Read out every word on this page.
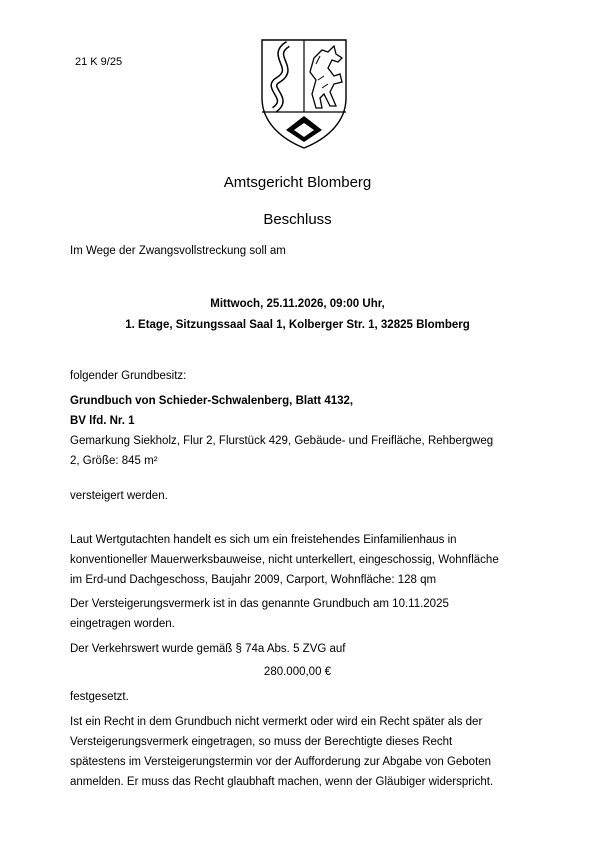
21 K 9/25
Amtsgericht Blomberg
Beschluss
Im Wege der Zwangsvollstreckung soll am
Mittwoch, 25.11.2026, 09:00 Uhr,
1. Etage, Sitzungssaal Saal 1, Kolberger Str. 1, 32825 Blomberg
folgender Grundbesitz:
Grundbuch von Schieder-Schwalenberg, Blatt 4132,
BV lfd. Nr. 1
Gemarkung Siekholz, Flur 2, Flurstück 429, Gebäude- und Freifläche, Rehbergweg
2, Größe: 845 m²
versteigert werden.
Laut Wertgutachten handelt es sich um ein freistehendes Einfamilienhaus in
konventioneller Mauerwerksbauweise, nicht unterkellert, eingeschossig, Wohnfläche
im Erd-und Dachgeschoss, Baujahr 2009, Carport, Wohnfläche: 128 qm
Der Versteigerungsvermerk ist in das genannte Grundbuch am 10.11.2025
eingetragen worden.
Der Verkehrswert wurde gemäß § 74a Abs. 5 ZVG auf
280.000,00 €
festgesetzt.
Ist ein Recht in dem Grundbuch nicht vermerkt oder wird ein Recht später als der
Versteigerungsvermerk eingetragen, so muss der Berechtigte dieses Recht
spätestens im Versteigerungstermin vor der Aufforderung zur Abgabe von Geboten
anmelden. Er muss das Recht glaubhaft machen, wenn der Gläubiger widerspricht.
